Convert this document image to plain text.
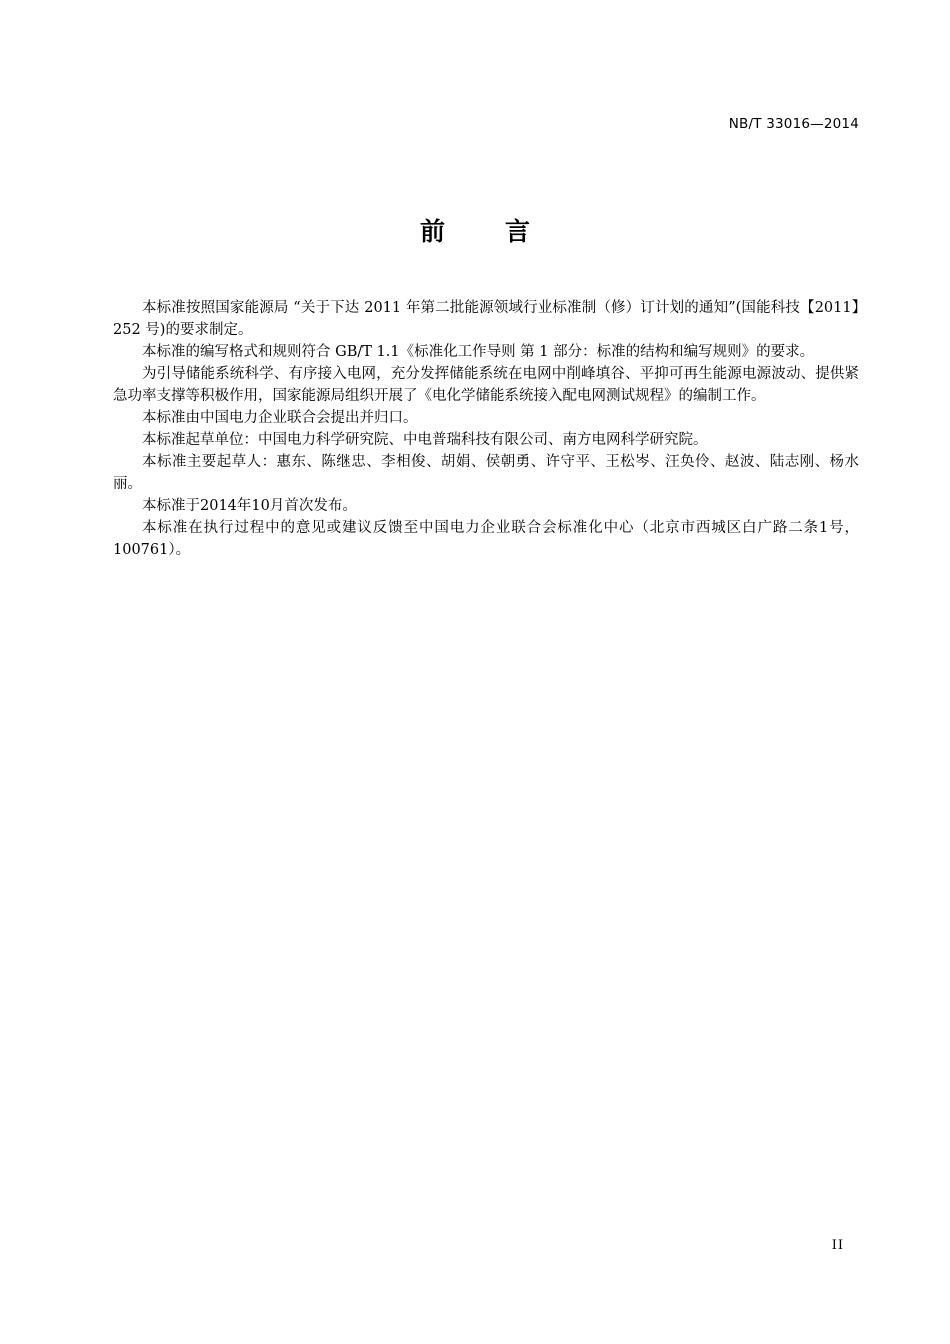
NB/T 33016—2014
前 言

本标准按照国家能源局 “关于下达 2011 年第二批能源领域行业标准制（修）订计划的通知”(国能科技【2011】252 号)的要求制定。

本标准的编写格式和规则符合 GB/T 1.1《标准化工作导则 第 1 部分：标准的结构和编写规则》的要求。

为引导储能系统科学、有序接入电网，充分发挥储能系统在电网中削峰填谷、平抑可再生能源电源波动、提供紧急功率支撑等积极作用，国家能源局组织开展了《电化学储能系统接入配电网测试规程》的编制工作。

本标准由中国电力企业联合会提出并归口。

本标准起草单位：中国电力科学研究院、中电普瑞科技有限公司、南方电网科学研究院。

本标准主要起草人：惠东、陈继忠、李相俊、胡娟、侯朝勇、许守平、王松岑、汪奂伶、赵波、陆志刚、杨水丽。

本标准于2014年10月首次发布。

本标准在执行过程中的意见或建议反馈至中国电力企业联合会标准化中心（北京市西城区白广路二条1号，100761）。

II
